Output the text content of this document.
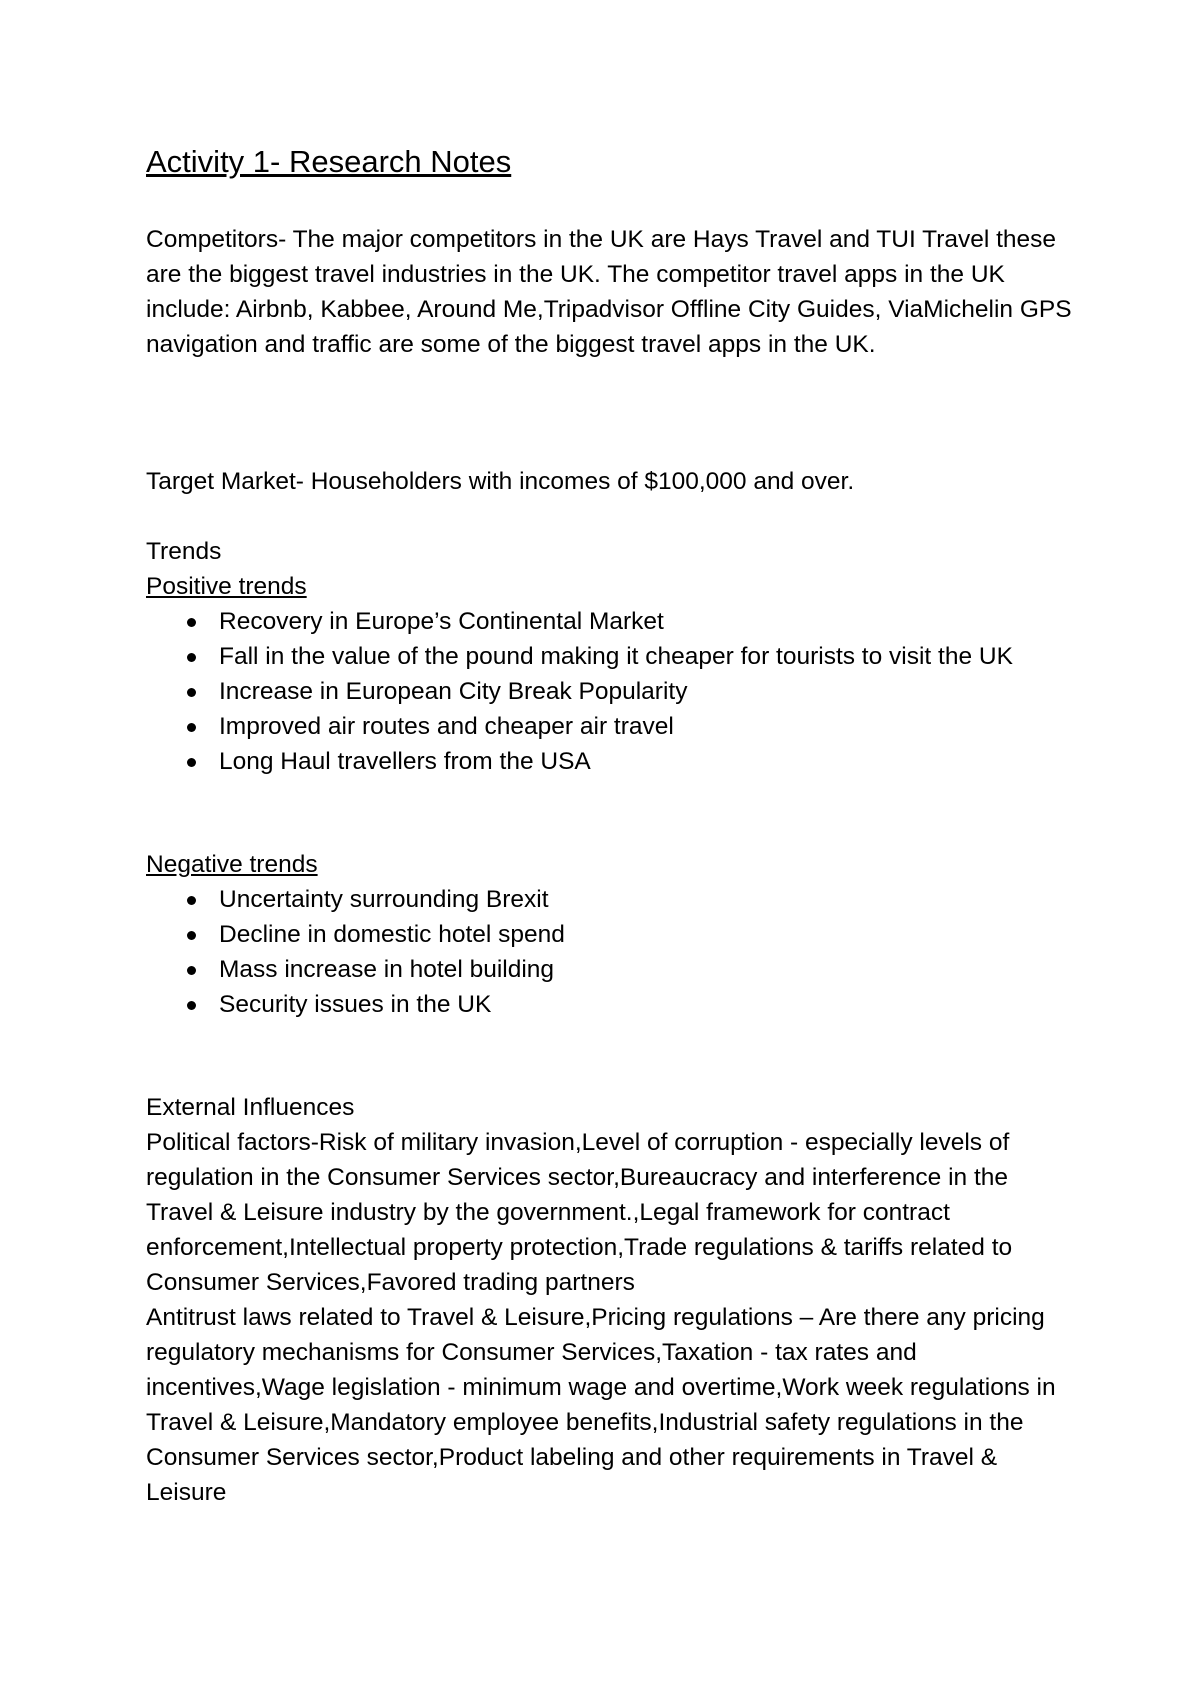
Activity 1- Research Notes

Competitors- The major competitors in the UK are Hays Travel and TUI Travel these are the biggest travel industries in the UK. The competitor travel apps in the UK include: Airbnb, Kabbee, Around Me,Tripadvisor Offline City Guides, ViaMichelin GPS navigation and traffic are some of the biggest travel apps in the UK.

Target Market- Householders with incomes of $100,000 and over.

Trends

Positive trends

Recovery in Europe’s Continental Market
Fall in the value of the pound making it cheaper for tourists to visit the UK
Increase in European City Break Popularity
Improved air routes and cheaper air travel
Long Haul travellers from the USA

Negative trends

Uncertainty surrounding Brexit
Decline in domestic hotel spend
Mass increase in hotel building
Security issues in the UK

External Influences

Political factors-Risk of military invasion,Level of corruption - especially levels of regulation in the Consumer Services sector,Bureaucracy and interference in the Travel & Leisure industry by the government.,Legal framework for contract enforcement,Intellectual property protection,Trade regulations & tariffs related to Consumer Services,Favored trading partners

Antitrust laws related to Travel & Leisure,Pricing regulations – Are there any pricing regulatory mechanisms for Consumer Services,Taxation - tax rates and incentives,Wage legislation - minimum wage and overtime,Work week regulations in Travel & Leisure,Mandatory employee benefits,Industrial safety regulations in the Consumer Services sector,Product labeling and other requirements in Travel & Leisure
